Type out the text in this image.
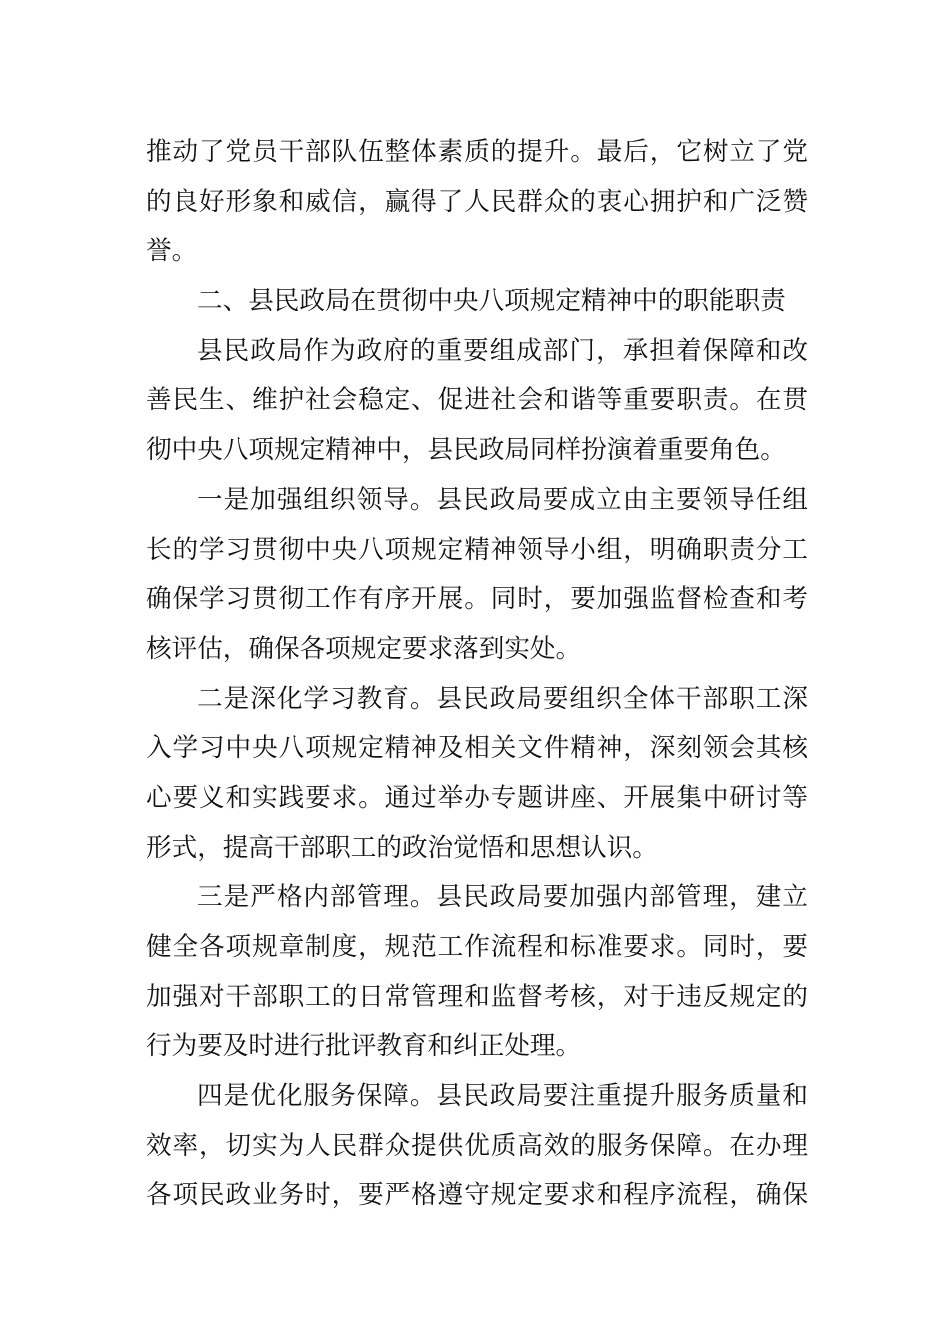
推动了党员干部队伍整体素质的提升。最后，它树立了党
的良好形象和威信，赢得了人民群众的衷心拥护和广泛赞
誉。
二、县民政局在贯彻中央八项规定精神中的职能职责
县民政局作为政府的重要组成部门，承担着保障和改
善民生、维护社会稳定、促进社会和谐等重要职责。在贯
彻中央八项规定精神中，县民政局同样扮演着重要角色。
一是加强组织领导。县民政局要成立由主要领导任组
长的学习贯彻中央八项规定精神领导小组，明确职责分工
确保学习贯彻工作有序开展。同时，要加强监督检查和考
核评估，确保各项规定要求落到实处。
二是深化学习教育。县民政局要组织全体干部职工深
入学习中央八项规定精神及相关文件精神，深刻领会其核
心要义和实践要求。通过举办专题讲座、开展集中研讨等
形式，提高干部职工的政治觉悟和思想认识。
三是严格内部管理。县民政局要加强内部管理，建立
健全各项规章制度，规范工作流程和标准要求。同时，要
加强对干部职工的日常管理和监督考核，对于违反规定的
行为要及时进行批评教育和纠正处理。
四是优化服务保障。县民政局要注重提升服务质量和
效率，切实为人民群众提供优质高效的服务保障。在办理
各项民政业务时，要严格遵守规定要求和程序流程，确保
